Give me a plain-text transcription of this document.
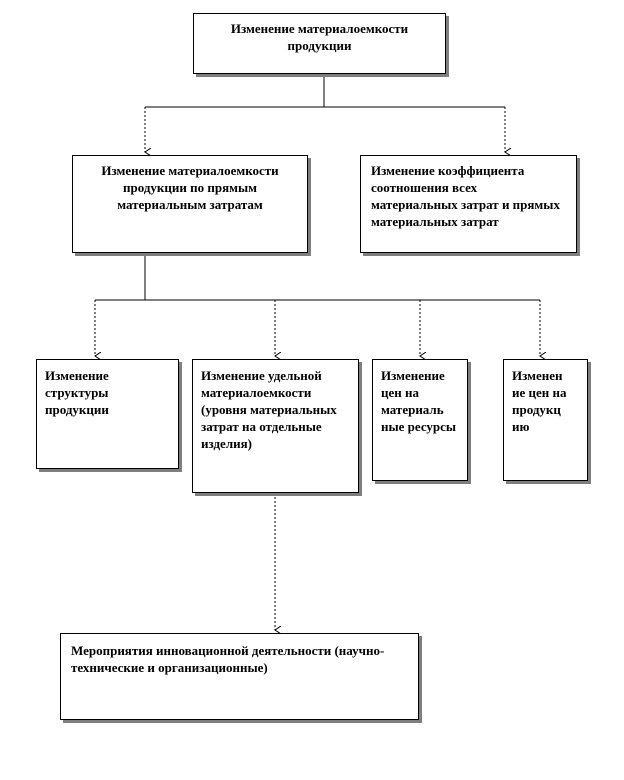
Изменение материалоемкости продукции
Изменение материалоемкости продукции по прямым материальным затратам
Изменение коэффициента соотношения всех материальных затрат и прямых материальных затрат
Изменение структуры продукции
Изменение удельной материалоемкости (уровня материальных затрат на отдельные изделия)
Изменение цен на материаль ные ресурсы
Изменен ие цен на продукц ию
Мероприятия инновационной деятельности (научно-технические и организационные)
